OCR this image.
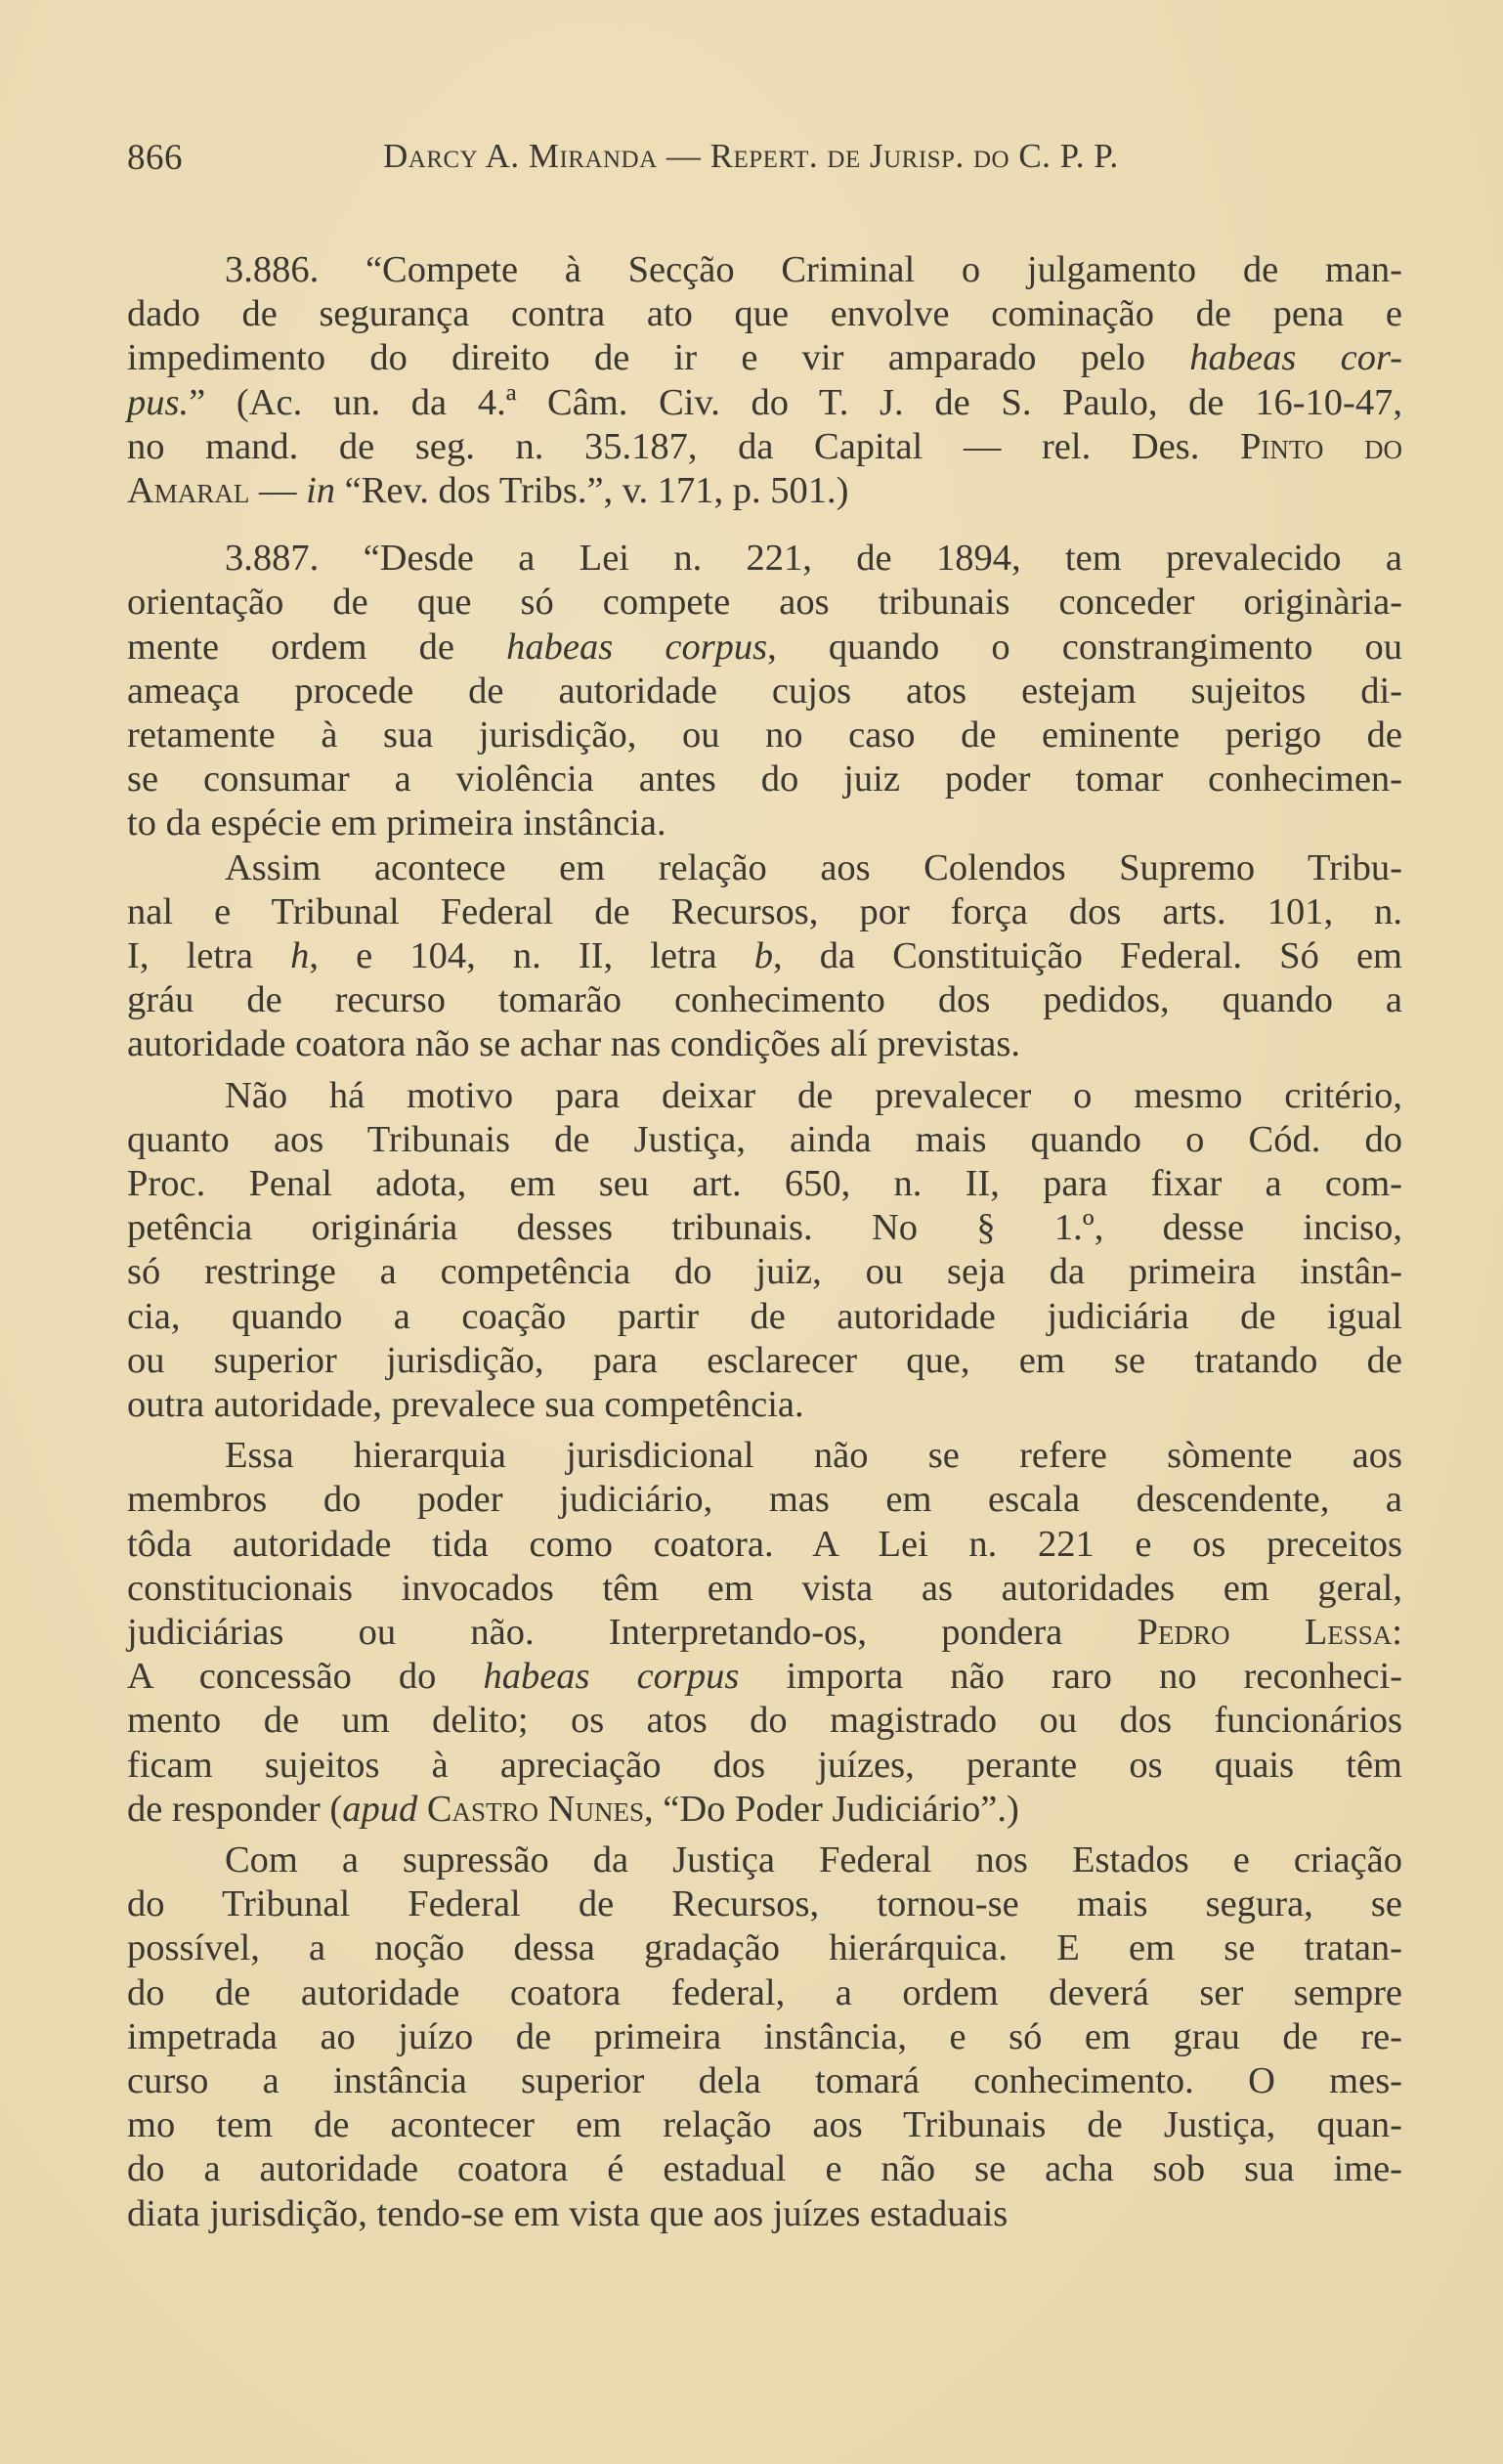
866	Darcy A. Miranda — Repert. de Jurisp. do C. P. P.
3.886. “Compete à Secção Criminal o julgamento de man-
dado de segurança contra ato que envolve cominação de pena e
impedimento do direito de ir e vir amparado pelo habeas cor-
pus.” (Ac. un. da 4.ª Câm. Civ. do T. J. de S. Paulo, de 16-10-47,
no mand. de seg. n. 35.187, da Capital — rel. Des. Pinto do
Amaral — in “Rev. dos Tribs.”, v. 171, p. 501.)
3.887. “Desde a Lei n. 221, de 1894, tem prevalecido a
orientação de que só compete aos tribunais conceder originària-
mente ordem de habeas corpus, quando o constrangimento ou
ameaça procede de autoridade cujos atos estejam sujeitos di-
retamente à sua jurisdição, ou no caso de eminente perigo de
se consumar a violência antes do juiz poder tomar conhecimen-
to da espécie em primeira instância.
Assim acontece em relação aos Colendos Supremo Tribu-
nal e Tribunal Federal de Recursos, por força dos arts. 101, n.
I, letra h, e 104, n. II, letra b, da Constituição Federal. Só em
gráu de recurso tomarão conhecimento dos pedidos, quando a
autoridade coatora não se achar nas condições alí previstas.
Não há motivo para deixar de prevalecer o mesmo critério,
quanto aos Tribunais de Justiça, ainda mais quando o Cód. do
Proc. Penal adota, em seu art. 650, n. II, para fixar a com-
petência originária desses tribunais. No § 1.º, desse inciso,
só restringe a competência do juiz, ou seja da primeira instân-
cia, quando a coação partir de autoridade judiciária de igual
ou superior jurisdição, para esclarecer que, em se tratando de
outra autoridade, prevalece sua competência.
Essa hierarquia jurisdicional não se refere sòmente aos
membros do poder judiciário, mas em escala descendente, a
tôda autoridade tida como coatora. A Lei n. 221 e os preceitos
constitucionais invocados têm em vista as autoridades em geral,
judiciárias ou não. Interpretando-os, pondera Pedro Lessa:
A concessão do habeas corpus importa não raro no reconheci-
mento de um delito; os atos do magistrado ou dos funcionários
ficam sujeitos à apreciação dos juízes, perante os quais têm
de responder (apud Castro Nunes, “Do Poder Judiciário”.)
Com a supressão da Justiça Federal nos Estados e criação
do Tribunal Federal de Recursos, tornou-se mais segura, se
possível, a noção dessa gradação hierárquica. E em se tratan-
do de autoridade coatora federal, a ordem deverá ser sempre
impetrada ao juízo de primeira instância, e só em grau de re-
curso a instância superior dela tomará conhecimento. O mes-
mo tem de acontecer em relação aos Tribunais de Justiça, quan-
do a autoridade coatora é estadual e não se acha sob sua ime-
diata jurisdição, tendo-se em vista que aos juízes estaduais
